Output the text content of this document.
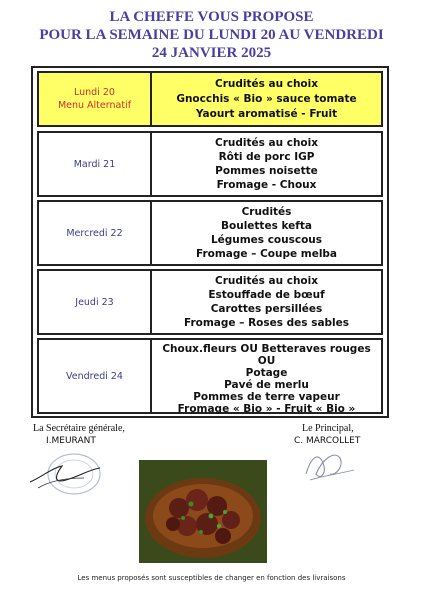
LA CHEFFE VOUS PROPOSE
POUR LA SEMAINE DU LUNDI 20 AU VENDREDI
24 JANVIER 2025
Lundi 20
Menu Alternatif
Crudités au choix
Gnocchis « Bio » sauce tomate
Yaourt aromatisé - Fruit
Mardi 21
Crudités au choix
Rôti de porc IGP
Pommes noisette
Fromage - Choux
Mercredi 22
Crudités
Boulettes kefta
Légumes couscous
Fromage – Coupe melba
Jeudi 23
Crudités au choix
Estouffade de bœuf
Carottes persillées
Fromage – Roses des sables
Vendredi 24
Choux.fleurs OU Betteraves rouges OU
Potage
Pavé de merlu
Pommes de terre vapeur
Fromage « Bio » - Fruit « Bio »
La Secrétaire générale,
I.MEURANT
Le Principal,
C. MARCOLLET
Les menus proposés sont susceptibles de changer en fonction des livraisons
